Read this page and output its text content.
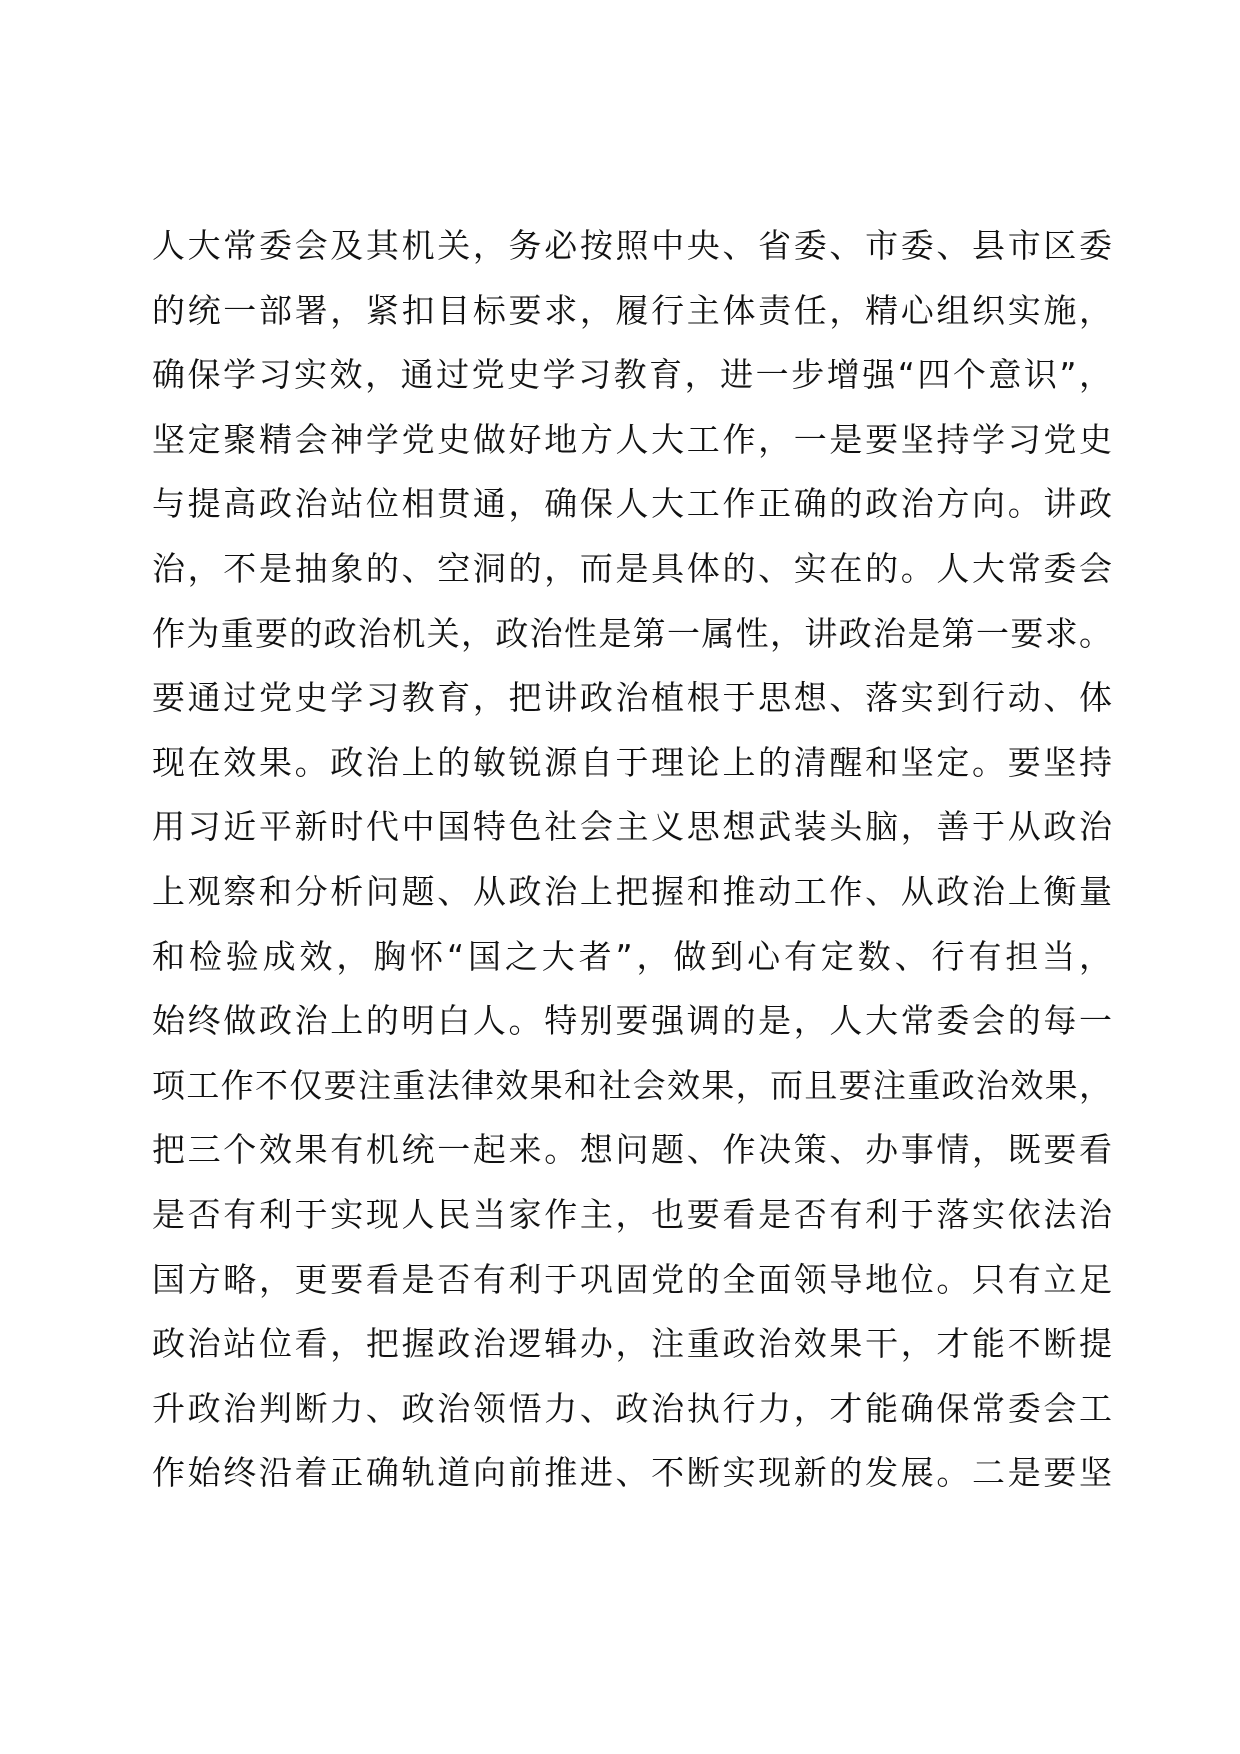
人大常委会及其机关，务必按照中央、省委、市委、县市区委
的统一部署，紧扣目标要求，履行主体责任，精心组织实施，
确保学习实效，通过党史学习教育，进一步增强“四个意识”，
坚定聚精会神学党史做好地方人大工作，一是要坚持学习党史
与提高政治站位相贯通，确保人大工作正确的政治方向。讲政
治，不是抽象的、空洞的，而是具体的、实在的。人大常委会
作为重要的政治机关，政治性是第一属性，讲政治是第一要求。
要通过党史学习教育，把讲政治植根于思想、落实到行动、体
现在效果。政治上的敏锐源自于理论上的清醒和坚定。要坚持
用习近平新时代中国特色社会主义思想武装头脑，善于从政治
上观察和分析问题、从政治上把握和推动工作、从政治上衡量
和检验成效，胸怀“国之大者”，做到心有定数、行有担当，
始终做政治上的明白人。特别要强调的是，人大常委会的每一
项工作不仅要注重法律效果和社会效果，而且要注重政治效果，
把三个效果有机统一起来。想问题、作决策、办事情，既要看
是否有利于实现人民当家作主，也要看是否有利于落实依法治
国方略，更要看是否有利于巩固党的全面领导地位。只有立足
政治站位看，把握政治逻辑办，注重政治效果干，才能不断提
升政治判断力、政治领悟力、政治执行力，才能确保常委会工
作始终沿着正确轨道向前推进、不断实现新的发展。二是要坚
